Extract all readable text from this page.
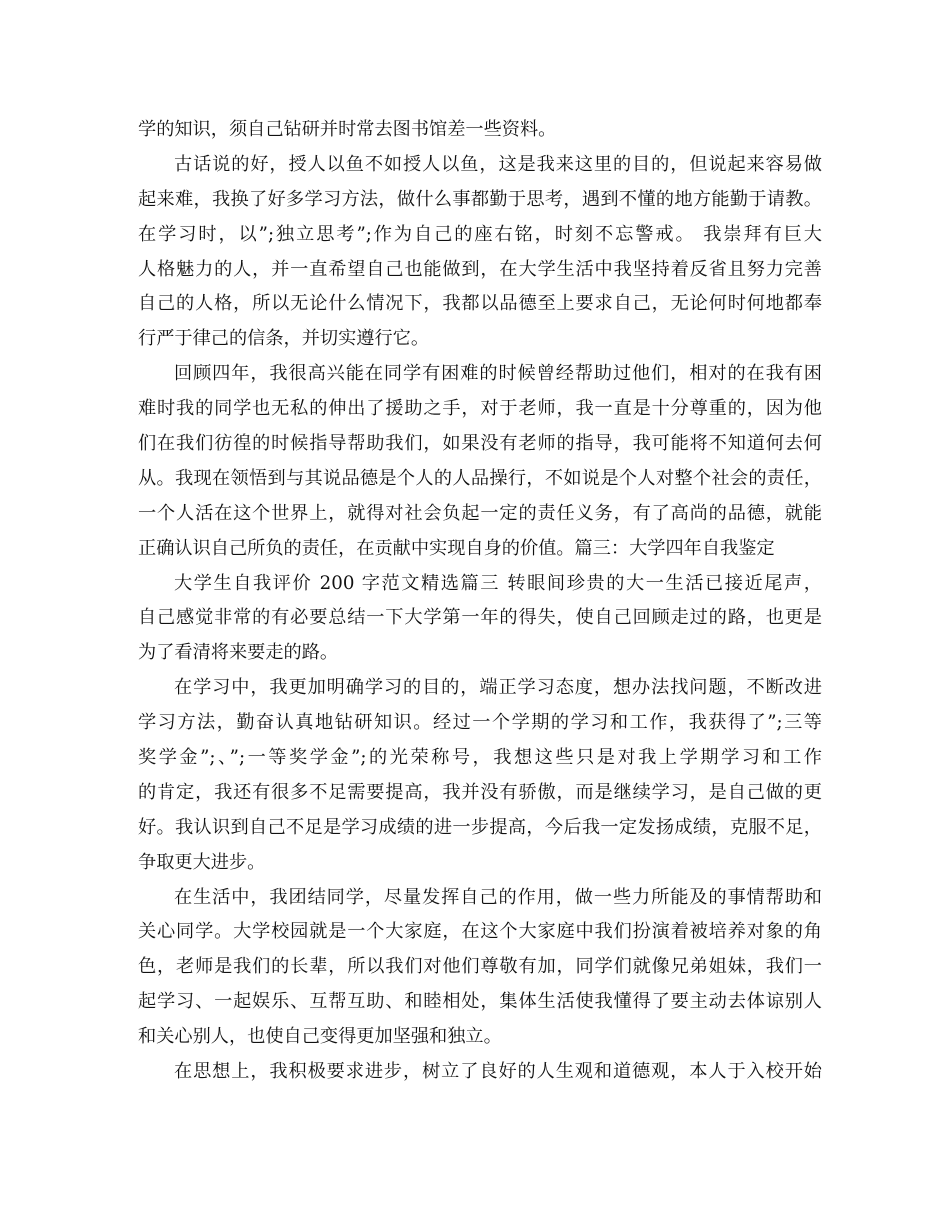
学的知识，须自己钻研并时常去图书馆差一些资料。
古话说的好，授人以鱼不如授人以鱼，这是我来这里的目的，但说起来容易做
起来难，我换了好多学习方法，做什么事都勤于思考，遇到不懂的地方能勤于请教。
在学习时，以”;独立思考”;作为自己的座右铭，时刻不忘警戒。 我崇拜有巨大
人格魅力的人，并一直希望自己也能做到，在大学生活中我坚持着反省且努力完善
自己的人格，所以无论什么情况下，我都以品德至上要求自己，无论何时何地都奉
行严于律己的信条，并切实遵行它。
回顾四年，我很高兴能在同学有困难的时候曾经帮助过他们，相对的在我有困
难时我的同学也无私的伸出了援助之手，对于老师，我一直是十分尊重的，因为他
们在我们彷徨的时候指导帮助我们，如果没有老师的指导，我可能将不知道何去何
从。我现在领悟到与其说品德是个人的人品操行，不如说是个人对整个社会的责任，
一个人活在这个世界上，就得对社会负起一定的责任义务，有了高尚的品德，就能
正确认识自己所负的责任，在贡献中实现自身的价值。篇三：大学四年自我鉴定
大学生自我评价 200 字范文精选篇三 转眼间珍贵的大一生活已接近尾声，
自己感觉非常的有必要总结一下大学第一年的得失，使自己回顾走过的路，也更是
为了看清将来要走的路。
在学习中，我更加明确学习的目的，端正学习态度，想办法找问题，不断改进
学习方法，勤奋认真地钻研知识。经过一个学期的学习和工作，我获得了”;三等
奖学金”;、”;一等奖学金”;的光荣称号，我想这些只是对我上学期学习和工作
的肯定，我还有很多不足需要提高，我并没有骄傲，而是继续学习，是自己做的更
好。我认识到自己不足是学习成绩的进一步提高，今后我一定发扬成绩，克服不足，
争取更大进步。
在生活中，我团结同学，尽量发挥自己的作用，做一些力所能及的事情帮助和
关心同学。大学校园就是一个大家庭，在这个大家庭中我们扮演着被培养对象的角
色，老师是我们的长辈，所以我们对他们尊敬有加，同学们就像兄弟姐妹，我们一
起学习、一起娱乐、互帮互助、和睦相处，集体生活使我懂得了要主动去体谅别人
和关心别人，也使自己变得更加坚强和独立。
在思想上，我积极要求进步，树立了良好的人生观和道德观，本人于入校开始
